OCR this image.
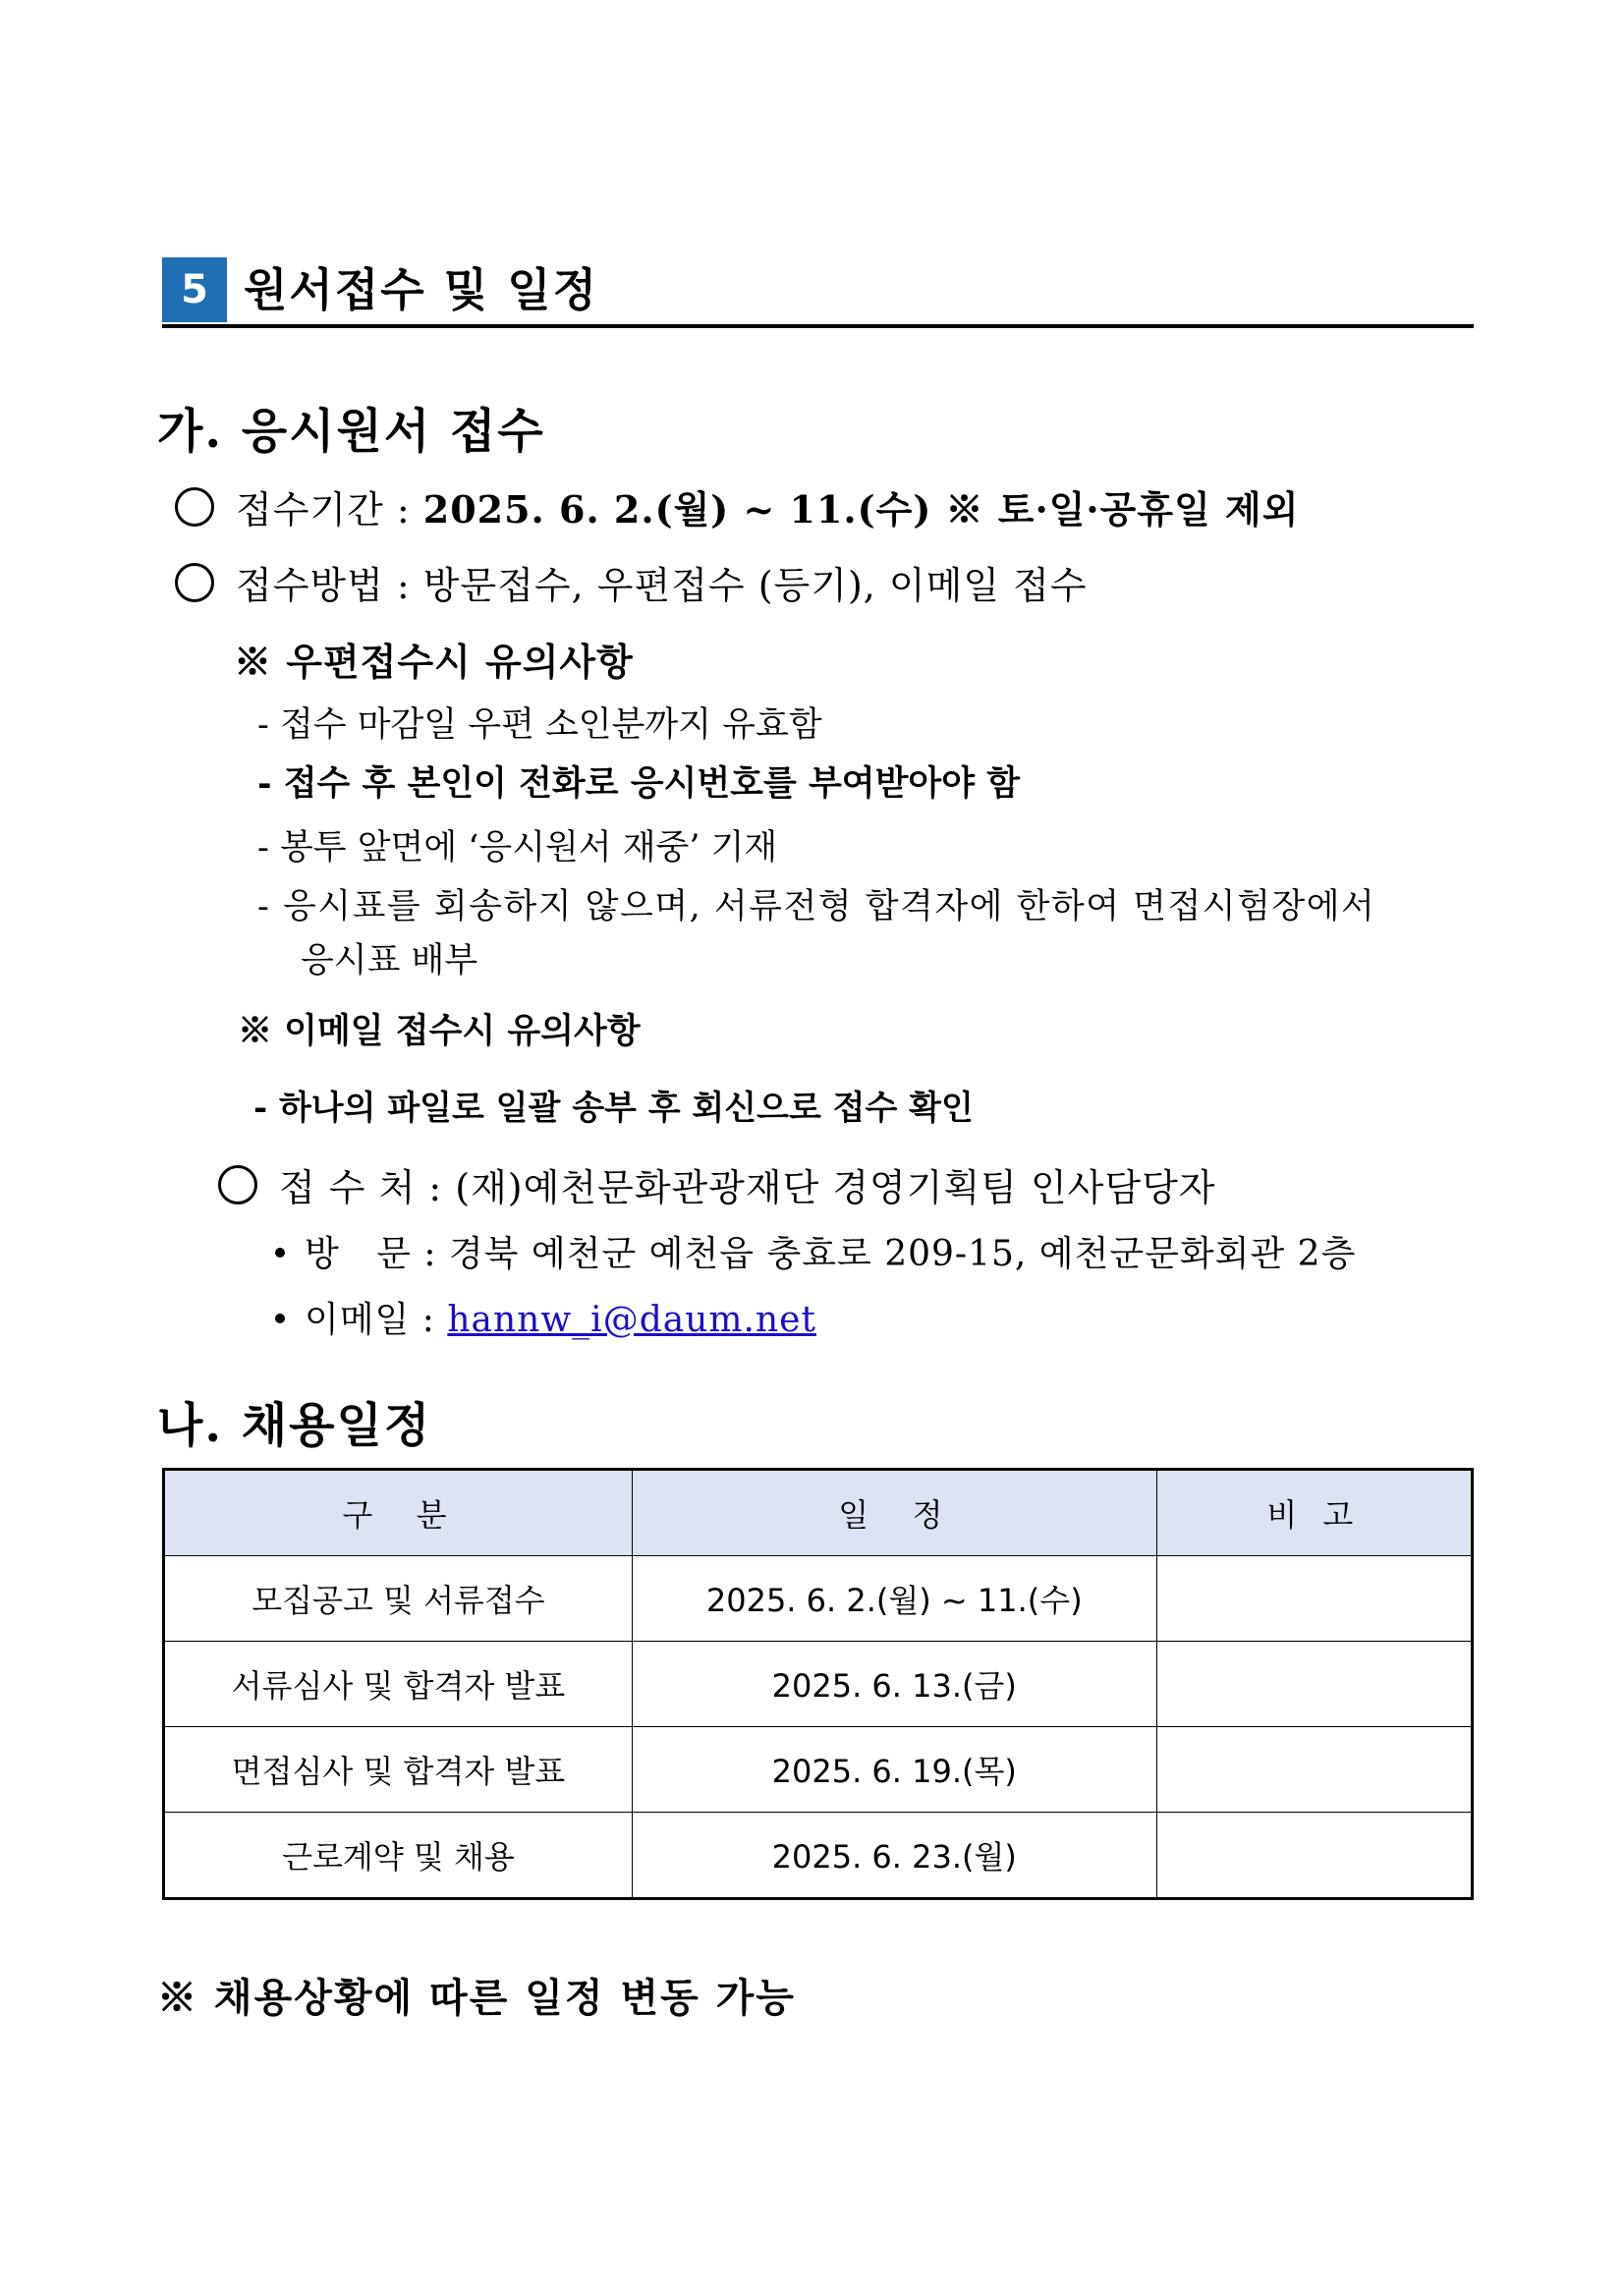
5 원서접수 및 일정
가. 응시원서 접수
접수기간 : 2025. 6. 2.(월) ~ 11.(수) ※ 토·일·공휴일 제외
접수방법 : 방문접수, 우편접수 (등기), 이메일 접수
※ 우편접수시 유의사항
- 접수 마감일 우편 소인분까지 유효함
- 접수 후 본인이 전화로 응시번호를 부여받아야 함
- 봉투 앞면에 ‘응시원서 재중’ 기재
- 응시표를 회송하지 않으며, 서류전형 합격자에 한하여 면접시험장에서
응시표 배부
※ 이메일 접수시 유의사항
- 하나의 파일로 일괄 송부 후 회신으로 접수 확인
접 수 처 : (재)예천문화관광재단 경영기획팀 인사담당자
방   문 : 경북 예천군 예천읍 충효로 209-15, 예천군문화회관 2층
이메일 : hannw_i@daum.net
나. 채용일정
구  분	일  정	비 고
모집공고 및 서류접수	2025. 6. 2.(월) ~ 11.(수)	
서류심사 및 합격자 발표	2025. 6. 13.(금)	
면접심사 및 합격자 발표	2025. 6. 19.(목)	
근로계약 및 채용	2025. 6. 23.(월)	
※ 채용상황에 따른 일정 변동 가능
